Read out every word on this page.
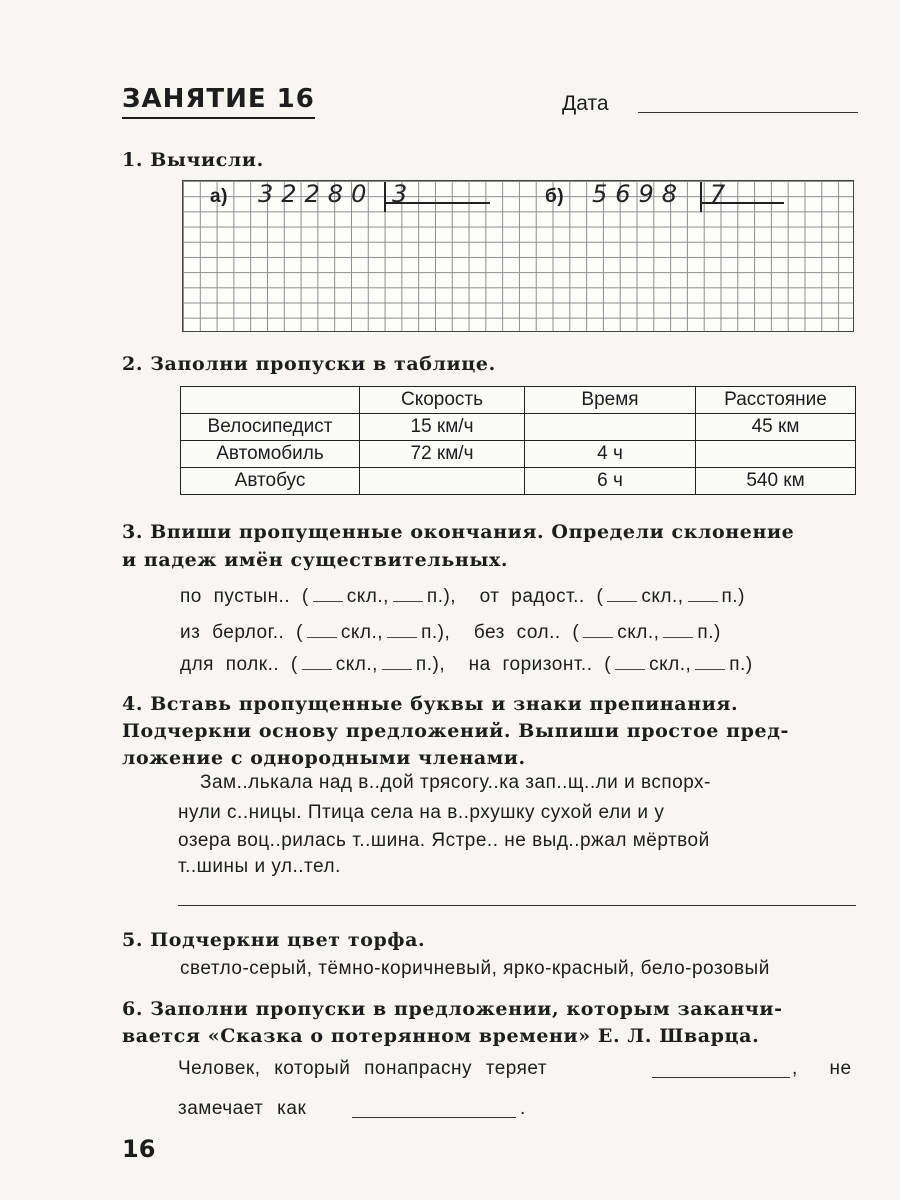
ЗАНЯТИЕ 16	Дата
1. Вычисли.
а) 32280 3	б) 5698 7
2. Заполни пропуски в таблице.
	Скорость	Время	Расстояние
Велосипедист	15 км/ч		45 км
Автомобиль	72 км/ч	4 ч	
Автобус		6 ч	540 км
3. Впиши пропущенные окончания. Определи склонение
и падеж имён существительных.
по пустын.. ( скл., п.), от радост.. ( скл., п.)
из берлог.. ( скл., п.), без сол.. ( скл., п.)
для полк.. ( скл., п.), на горизонт.. ( скл., п.)
4. Вставь пропущенные буквы и знаки препинания.
Подчеркни основу предложений. Выпиши простое пред-
ложение с однородными членами.
Зам..лькала над в..дой трясогу..ка зап..щ..ли и вспорх-
нули с..ницы. Птица села на в..рхушку сухой ели и у
озера воц..рилась т..шина. Ястре.. не выд..ржал мёртвой
т..шины и ул..тел.
5. Подчеркни цвет торфа.
светло-серый, тёмно-коричневый, ярко-красный, бело-розовый
6. Заполни пропуски в предложении, которым заканчи-
вается «Сказка о потерянном времени» Е. Л. Шварца.
Человек, который понапрасну теряет	, не
замечает как	.
16
